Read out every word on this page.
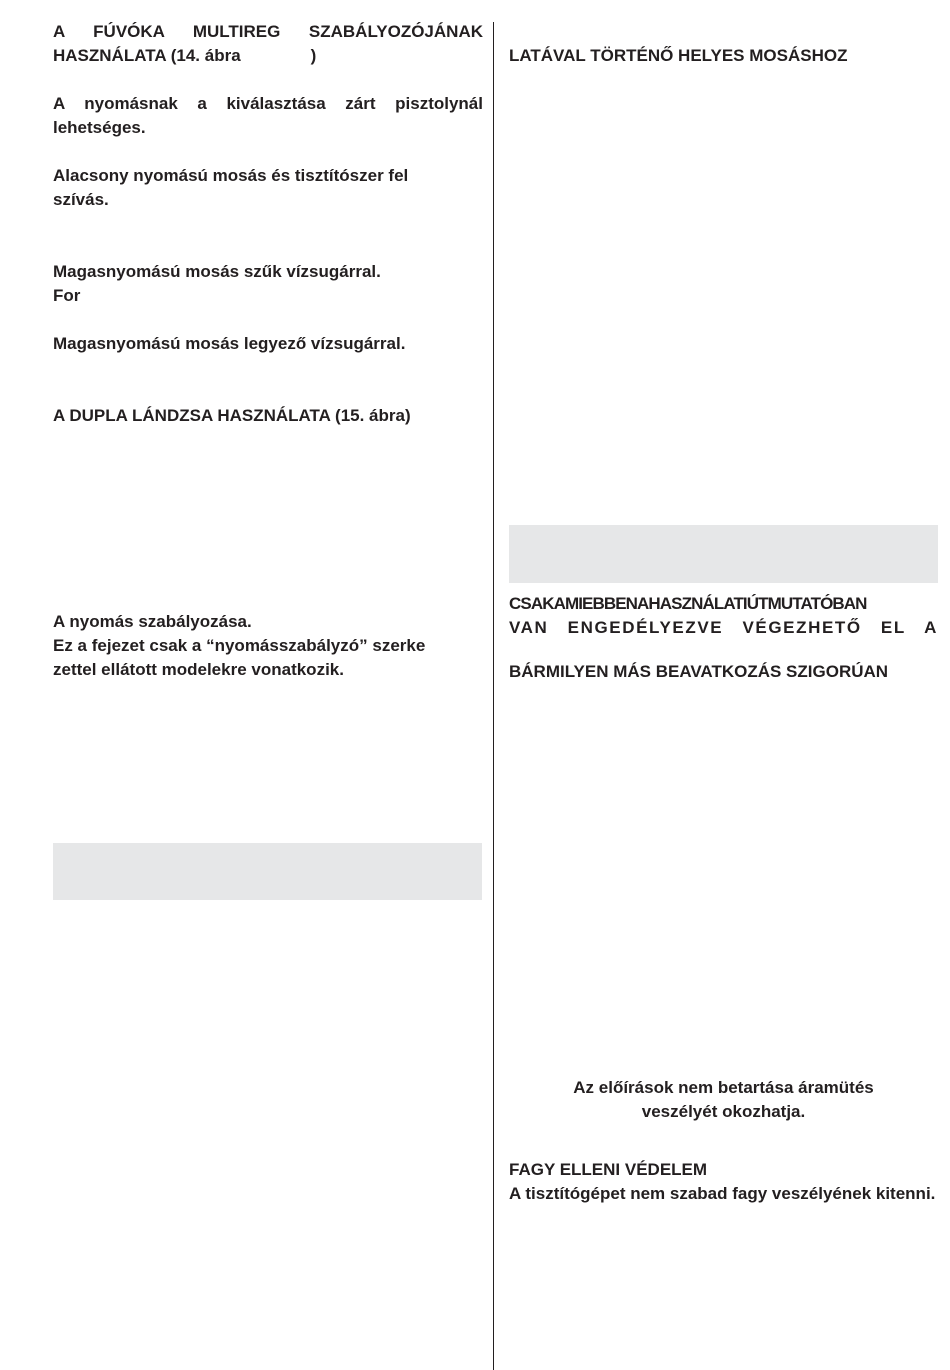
A FÚVÓKA MULTIREG SZABÁLYOZÓJÁNAK

HASZNÁLATA (14. ábra	)

A nyomásnak a kiválasztása zárt pisztolynál lehetséges.

Alacsony nyomású mosás és tisztítószer fel

szívás.

Magasnyomású mosás szűk vízsugárral.

For

Magasnyomású mosás legyező vízsugárral.

A DUPLA LÁNDZSA HASZNÁLATA (15. ábra)

A nyomás szabályozása.

Ez a fejezet csak a “nyomásszabályzó” szerke

zettel ellátott modelekre vonatkozik.

LATÁVAL TÖRTÉNŐ HELYES MOSÁSHOZ

CSAKAMIEBBENAHASZNÁLATIÚTMUTATÓBAN

VAN ENGEDÉLYEZVE VÉGEZHETŐ EL A

BÁRMILYEN MÁS BEAVATKOZÁS SZIGORÚAN

Az előírások nem betartása áramütés

veszélyét okozhatja.

FAGY ELLENI VÉDELEM

A tisztítógépet nem szabad fagy veszélyének kitenni.
